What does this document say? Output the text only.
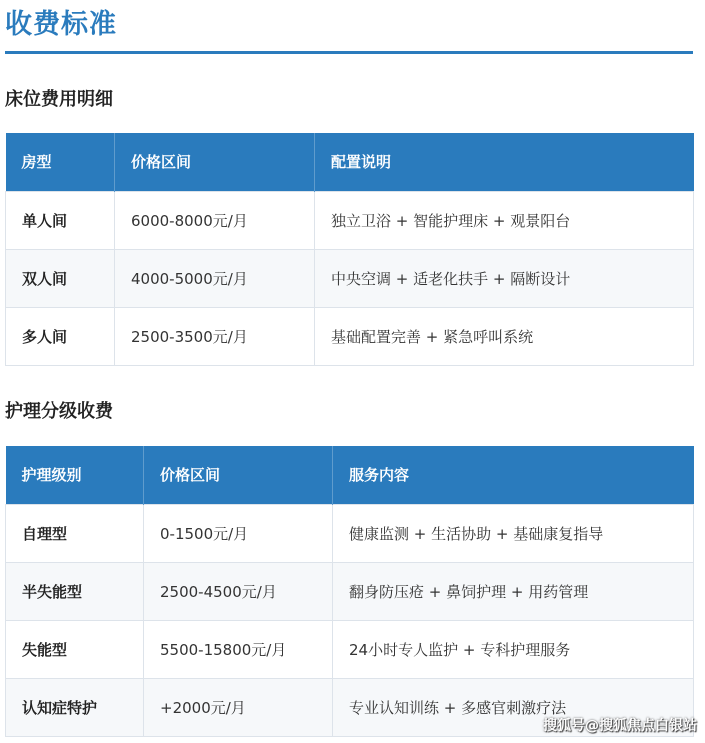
收费标准
床位费用明细
房型	价格区间	配置说明
单人间	6000-8000元/月	独立卫浴 + 智能护理床 + 观景阳台
双人间	4000-5000元/月	中央空调 + 适老化扶手 + 隔断设计
多人间	2500-3500元/月	基础配置完善 + 紧急呼叫系统
护理分级收费
护理级别	价格区间	服务内容
自理型	0-1500元/月	健康监测 + 生活协助 + 基础康复指导
半失能型	2500-4500元/月	翻身防压疮 + 鼻饲护理 + 用药管理
失能型	5500-15800元/月	24小时专人监护 + 专科护理服务
认知症特护	+2000元/月	专业认知训练 + 多感官刺激疗法
搜狐号@搜狐焦点白银站
